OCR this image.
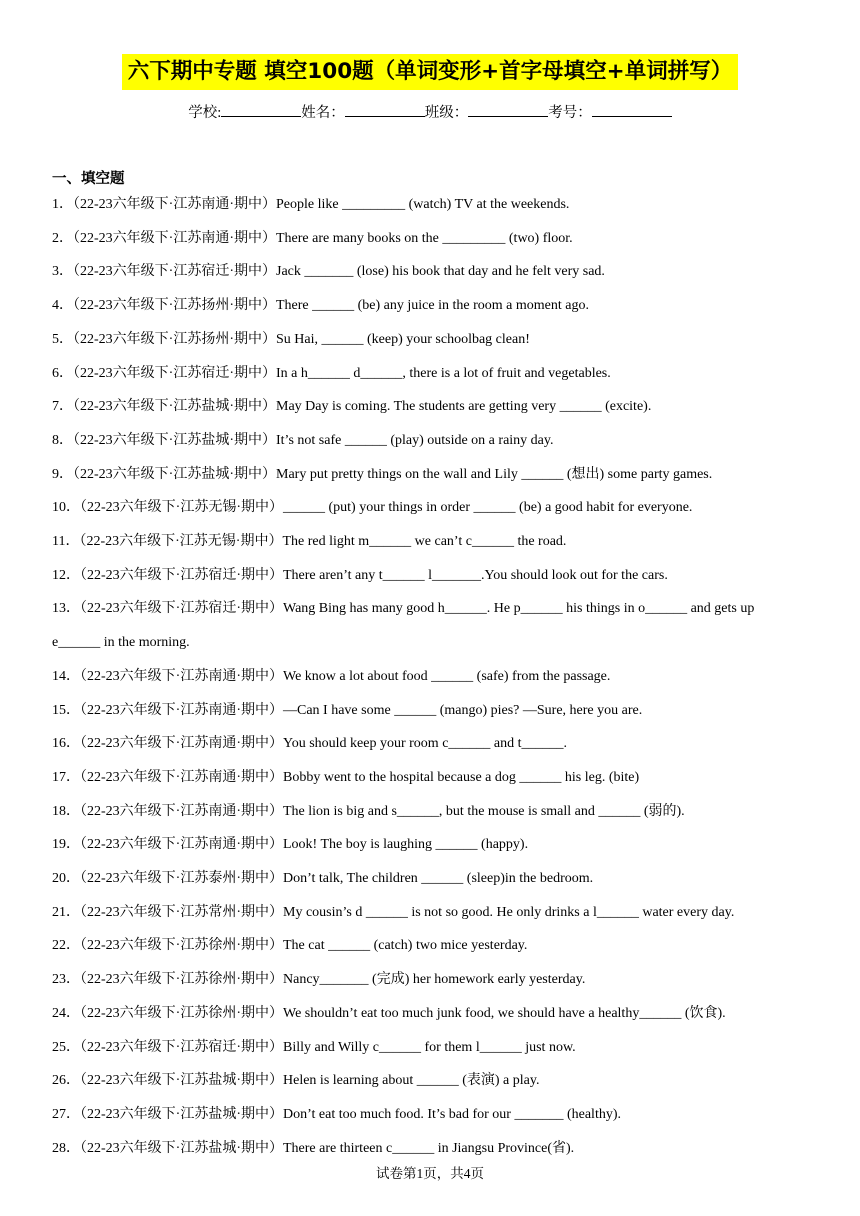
六下期中专题 填空100题（单词变形+首字母填空+单词拼写）
学校:	姓名：	班级：	考号：
一、填空题
1．（22-23六年级下·江苏南通·期中）People like _________ (watch) TV at the weekends.
2．（22-23六年级下·江苏南通·期中）There are many books on the _________ (two) floor.
3．（22-23六年级下·江苏宿迁·期中）Jack _______ (lose) his book that day and he felt very sad.
4．（22-23六年级下·江苏扬州·期中）There ______ (be) any juice in the room a moment ago.
5．（22-23六年级下·江苏扬州·期中）Su Hai, ______ (keep) your schoolbag clean!
6．（22-23六年级下·江苏宿迁·期中）In a h______ d______, there is a lot of fruit and vegetables.
7．（22-23六年级下·江苏盐城·期中）May Day is coming. The students are getting very ______ (excite).
8．（22-23六年级下·江苏盐城·期中）It’s not safe ______ (play) outside on a rainy day.
9．（22-23六年级下·江苏盐城·期中）Mary put pretty things on the wall and Lily ______ (想出) some party games.
10．（22-23六年级下·江苏无锡·期中）______ (put) your things in order ______ (be) a good habit for everyone.
11．（22-23六年级下·江苏无锡·期中）The red light m______ we can’t c______ the road.
12．（22-23六年级下·江苏宿迁·期中）There aren’t any t______ l_______.You should look out for the cars.
13．（22-23六年级下·江苏宿迁·期中）Wang Bing has many good h______. He p______ his things in o______ and gets up
e______ in the morning.
14．（22-23六年级下·江苏南通·期中）We know a lot about food ______ (safe) from the passage.
15．（22-23六年级下·江苏南通·期中）—Can I have some ______ (mango) pies? —Sure, here you are.
16．（22-23六年级下·江苏南通·期中）You should keep your room c______ and t______.
17．（22-23六年级下·江苏南通·期中）Bobby went to the hospital because a dog ______ his leg. (bite)
18．（22-23六年级下·江苏南通·期中）The lion is big and s______, but the mouse is small and ______ (弱的).
19．（22-23六年级下·江苏南通·期中）Look! The boy is laughing ______ (happy).
20．（22-23六年级下·江苏泰州·期中）Don’t talk, The children ______ (sleep)in the bedroom.
21．（22-23六年级下·江苏常州·期中）My cousin’s d ______ is not so good. He only drinks a l______ water every day.
22．（22-23六年级下·江苏徐州·期中）The cat ______ (catch) two mice yesterday.
23．（22-23六年级下·江苏徐州·期中）Nancy_______ (完成) her homework early yesterday.
24．（22-23六年级下·江苏徐州·期中）We shouldn’t eat too much junk food, we should have a healthy______ (饮食).
25．（22-23六年级下·江苏宿迁·期中）Billy and Willy c______ for them l______ just now.
26．（22-23六年级下·江苏盐城·期中）Helen is learning about ______ (表演) a play.
27．（22-23六年级下·江苏盐城·期中）Don’t eat too much food. It’s bad for our _______ (healthy).
28．（22-23六年级下·江苏盐城·期中）There are thirteen c______ in Jiangsu Province(省).
试卷第1页，共4页
